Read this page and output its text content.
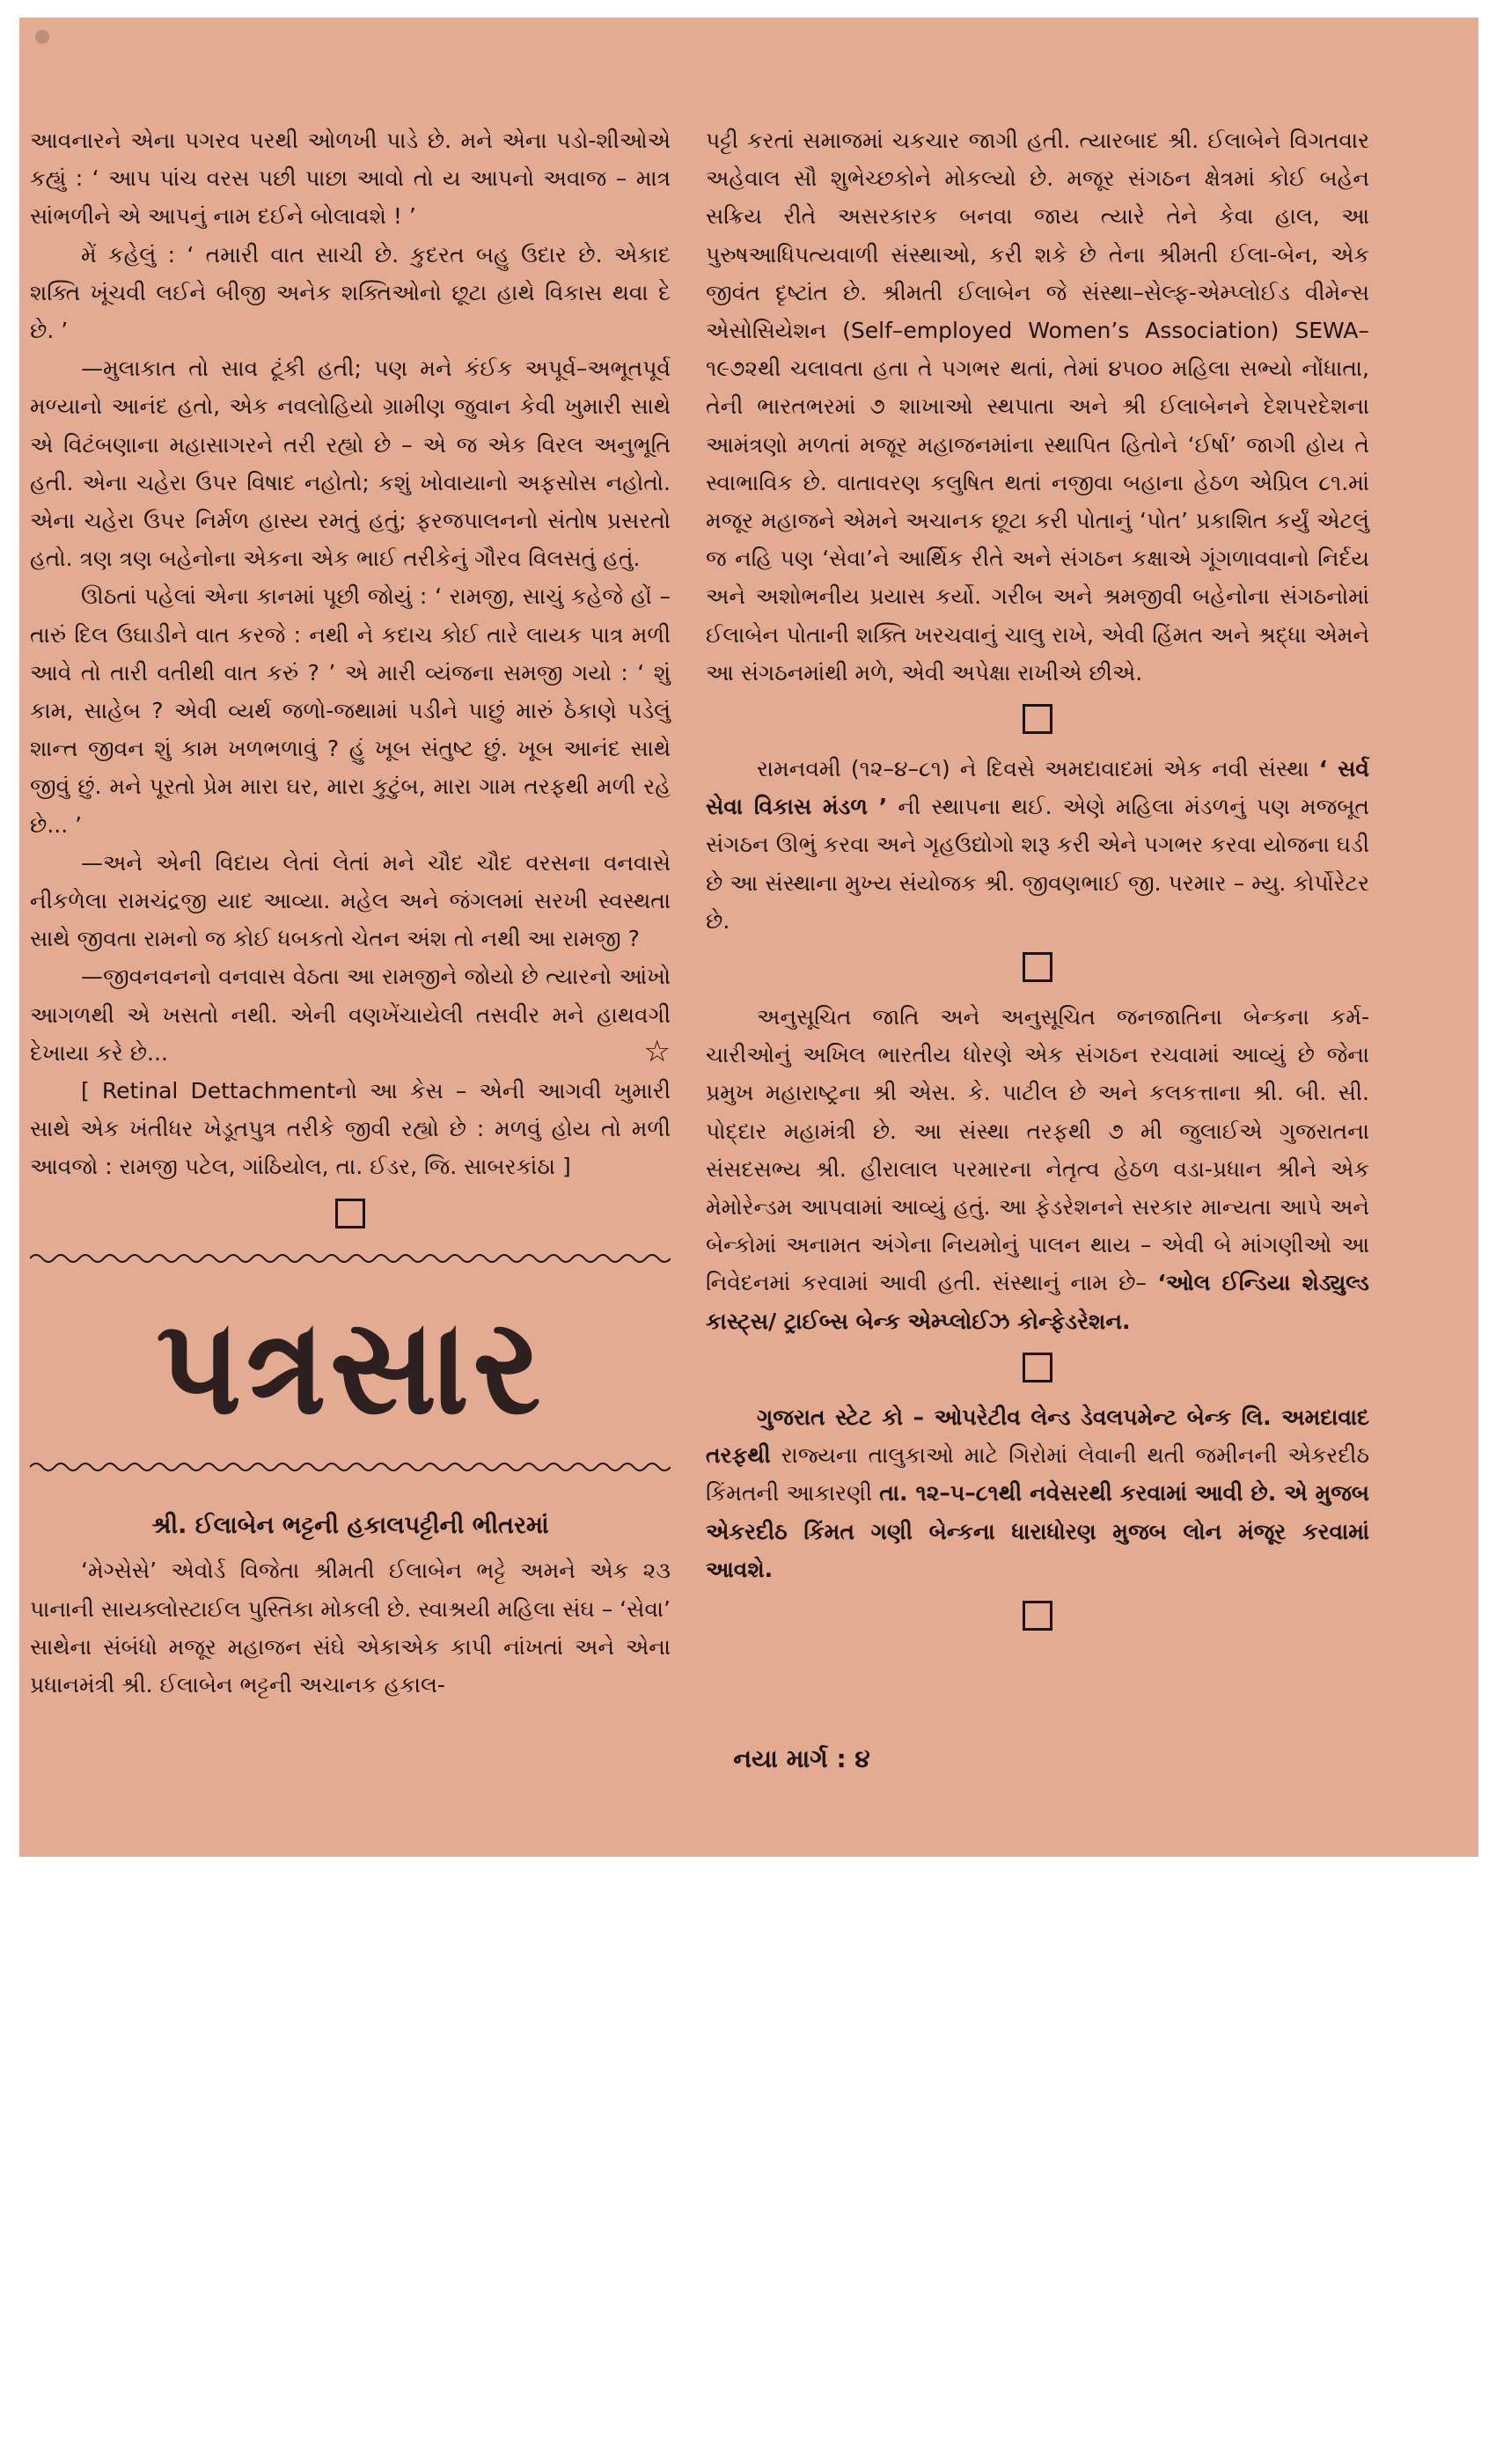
આવનારને એના પગરવ પરથી ઓળખી પાડે છે. મને એના પડો-શીઓએ કહ્યું : ‘ આપ પાંચ વરસ પછી પાછા આવો તો ય આપનો અવાજ – માત્ર સાંભળીને એ આપનું નામ દઈને બોલાવશે ! ’

મેં કહેલું : ‘ તમારી વાત સાચી છે. કુદરત બહુ ઉદાર છે. એકાદ શક્તિ ખૂંચવી લઈને બીજી અનેક શક્તિઓનો છૂટા હાથે વિકાસ થવા દે છે. ’

—મુલાકાત તો સાવ ટૂંકી હતી; પણ મને કંઈક અપૂર્વ–અભૂતપૂર્વ મળ્યાનો આનંદ હતો, એક નવલોહિયો ગ્રામીણ જુવાન કેવી ખુમારી સાથે એ વિટંબણાના મહાસાગરને તરી રહ્યો છે – એ જ એક વિરલ અનુભૂતિ હતી. એના ચહેરા ઉપર વિષાદ નહોતો; કશું ખોવાયાનો અફસોસ નહોતો. એના ચહેરા ઉપર નિર્મળ હાસ્ય રમતું હતું; ફરજપાલનનો સંતોષ પ્રસરતો હતો. ત્રણ ત્રણ બહેનોના એકના એક ભાઈ તરીકેનું ગૌરવ વિલસતું હતું.

ઊઠતાં પહેલાં એના કાનમાં પૂછી જોયું : ‘ રામજી, સાચું કહેજે હોં – તારું દિલ ઉઘાડીને વાત કરજે : નથી ને કદાચ કોઈ તારે લાયક પાત્ર મળી આવે તો તારી વતીથી વાત કરું ? ’ એ મારી વ્યંજના સમજી ગયો : ‘ શું કામ, સાહેબ ? એવી વ્યર્થ જળો-જથામાં પડીને પાછું મારું ઠેકાણે પડેલું શાન્ત જીવન શું કામ ખળભળાવું ? હું ખૂબ સંતુષ્ટ છું. ખૂબ આનંદ સાથે જીવું છું. મને પૂરતો પ્રેમ મારા ઘર, મારા કુટુંબ, મારા ગામ તરફથી મળી રહે છે... ’

—અને એની વિદાય લેતાં લેતાં મને ચૌદ ચૌદ વરસના વનવાસે નીકળેલા રામચંદ્રજી યાદ આવ્યા. મહેલ અને જંગલમાં સરખી સ્વસ્થતા સાથે જીવતા રામનો જ કોઈ ધબકતો ચેતન અંશ તો નથી આ રામજી ?

—જીવનવનનો વનવાસ વેઠતા આ રામજીને જોયો છે ત્યારનો આંખો આગળથી એ ખસતો નથી. એની વણખેંચાયેલી તસવીર મને હાથવગી દેખાયા કરે છે...	☆

[ Retinal Dettachmentનો આ કેસ – એની આગવી ખુમારી સાથે એક ખંતીધર ખેડૂતપુત્ર તરીકે જીવી રહ્યો છે : મળવું હોય તો મળી આવજો : રામજી પટેલ, ગાંઠિયોલ, તા. ઈડર, જિ. સાબરકાંઠા ]

પત્રસાર
શ્રી. ઈલાબેન ભટ્ટની હકાલપટ્ટીની ભીતરમાં

‘મેગ્સેસે’ એવોર્ડ વિજેતા શ્રીમતી ઈલાબેન ભટ્ટે અમને એક ૨૩ પાનાની સાયક્લોસ્ટાઈલ પુસ્તિકા મોકલી છે. સ્વાશ્રયી મહિલા સંઘ – ‘સેવા’ સાથેના સંબંધો મજૂર મહાજન સંઘે એકાએક કાપી નાંખતાં અને એના પ્રધાનમંત્રી શ્રી. ઈલાબેન ભટ્ટની અચાનક હકાલ-

પટ્ટી કરતાં સમાજમાં ચકચાર જાગી હતી. ત્યારબાદ શ્રી. ઈલાબેને વિગતવાર અહેવાલ સૌ શુભેચ્છકોને મોકલ્યો છે. મજૂર સંગઠન ક્ષેત્રમાં કોઈ બહેન સક્રિય રીતે અસરકારક બનવા જાય ત્યારે તેને કેવા હાલ, આ પુરુષઆધિપત્યવાળી સંસ્થાઓ, કરી શકે છે તેના શ્રીમતી ઈલા-બેન, એક જીવંત દૃષ્ટાંત છે. શ્રીમતી ઈલાબેન જે સંસ્થા–સેલ્ફ-એમ્પ્લોઈડ વીમેન્સ એસોસિયેશન (Self–employed Women’s Association) SEWA–૧૯૭૨થી ચલાવતા હતા તે પગભર થતાં, તેમાં ૪૫૦૦ મહિલા સભ્યો નોંધાતા, તેની ભારતભરમાં ૭ શાખાઓ સ્થપાતા અને શ્રી ઈલાબેનને દેશપરદેશના આમંત્રણો મળતાં મજૂર મહાજનમાંના સ્થાપિત હિતોને ‘ઈર્ષા’ જાગી હોય તે સ્વાભાવિક છે. વાતાવરણ કલુષિત થતાં નજીવા બહાના હેઠળ એપ્રિલ ૮૧.માં મજૂર મહાજને એમને અચાનક છૂટા કરી પોતાનું ‘પોત’ પ્રકાશિત કર્યું એટલું જ નહિ પણ ‘સેવા’ને આર્થિક રીતે અને સંગઠન કક્ષાએ ગૂંગળાવવાનો નિર્દય અને અશોભનીય પ્રયાસ કર્યો. ગરીબ અને શ્રમજીવી બહેનોના સંગઠનોમાં ઈલાબેન પોતાની શક્તિ ખરચવાનું ચાલુ રાખે, એવી હિંમત અને શ્રદ્ધા એમને આ સંગઠનમાંથી મળે, એવી અપેક્ષા રાખીએ છીએ.

રામનવમી (૧૨–૪–૮૧) ને દિવસે અમદાવાદમાં એક નવી સંસ્થા ‘ સર્વ સેવા વિકાસ મંડળ ’ ની સ્થાપના થઈ. એણે મહિલા મંડળનું પણ મજબૂત સંગઠન ઊભું કરવા અને ગૃહઉદ્યોગો શરૂ કરી એને પગભર કરવા યોજના ઘડી છે આ સંસ્થાના મુખ્ય સંયોજક શ્રી. જીવણભાઈ જી. પરમાર – મ્યુ. કોર્પોરેટર છે.

અનુસૂચિત જાતિ અને અનુસૂચિત જનજાતિના બેન્કના કર્મ-ચારીઓનું અખિલ ભારતીય ધોરણે એક સંગઠન રચવામાં આવ્યું છે જેના પ્રમુખ મહારાષ્ટ્રના શ્રી એસ. કે. પાટીલ છે અને કલકત્તાના શ્રી. બી. સી. પોદ્દાર મહામંત્રી છે. આ સંસ્થા તરફથી ૭ મી જુલાઈએ ગુજરાતના સંસદસભ્ય શ્રી. હીરાલાલ પરમારના નેતૃત્વ હેઠળ વડા-પ્રધાન શ્રીને એક મેમોરેન્ડમ આપવામાં આવ્યું હતું. આ ફેડરેશનને સરકાર માન્યતા આપે અને બેન્કોમાં અનામત અંગેના નિયમોનું પાલન થાય – એવી બે માંગણીઓ આ નિવેદનમાં કરવામાં આવી હતી. સંસ્થાનું નામ છે– ‘ઓલ ઈન્ડિયા શેડ્યુલ્ડ કાસ્ટ્સ/ ટ્રાઈબ્સ બેન્ક એમ્પ્લોઈઝ કોન્ફેડરેશન.

ગુજરાત સ્ટેટ કો – ઓપરેટીવ લેન્ડ ડેવલપમેન્ટ બેન્ક લિ. અમદાવાદ તરફથી રાજ્યના તાલુકાઓ માટે ગિરોમાં લેવાની થતી જમીનની એકરદીઠ કિંમતની આકારણી તા. ૧૨–૫–૮૧થી નવેસરથી કરવામાં આવી છે. એ મુજબ એકરદીઠ કિંમત ગણી બેન્કના ધારાધોરણ મુજબ લોન મંજૂર કરવામાં આવશે.

નયા માર્ગ : ૪
